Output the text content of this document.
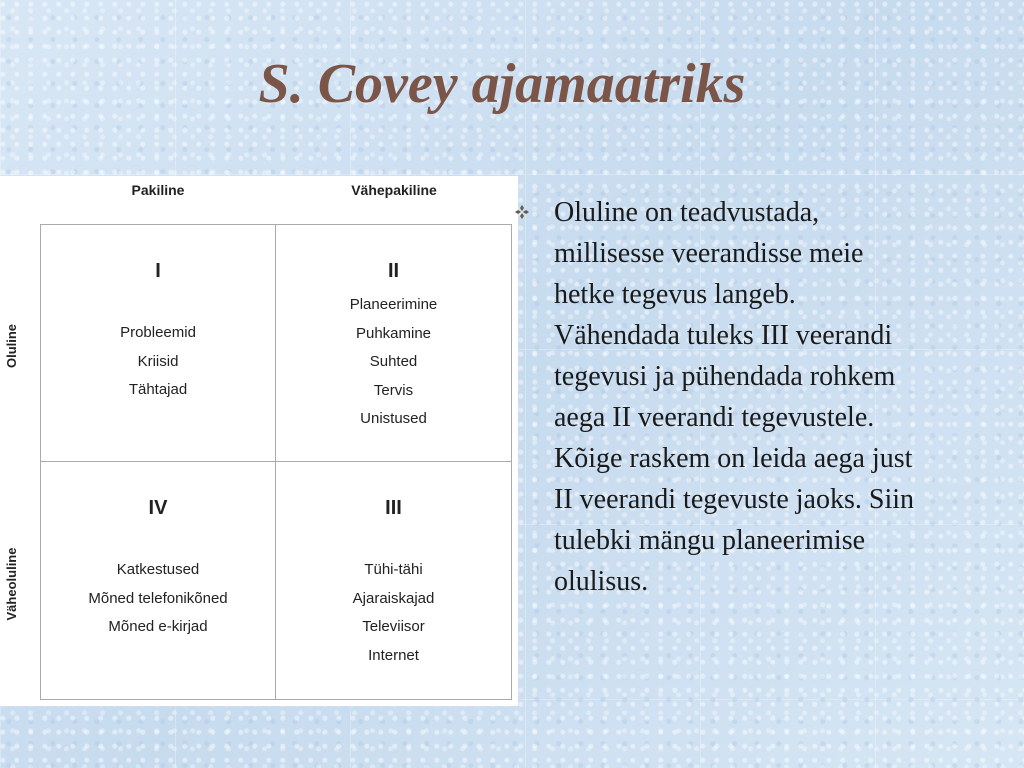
S. Covey ajamaatriks
Pakiline	Vähepakiline
Oluline
Väheoluline
I
Probleemid
Kriisid
Tähtajad
II
Planeerimine
Puhkamine
Suhted
Tervis
Unistused
IV
Katkestused
Mõned telefonikõned
Mõned e-kirjad
III
Tühi-tähi
Ajaraiskajad
Televiisor
Internet

Oluline on teadvustada, millisesse veerandisse meie hetke tegevus langeb. Vähendada tuleks III veerandi tegevusi ja pühendada rohkem aega II veerandi tegevustele. Kõige raskem on leida aega just II veerandi tegevuste jaoks. Siin tulebki mängu planeerimise olulisus.
